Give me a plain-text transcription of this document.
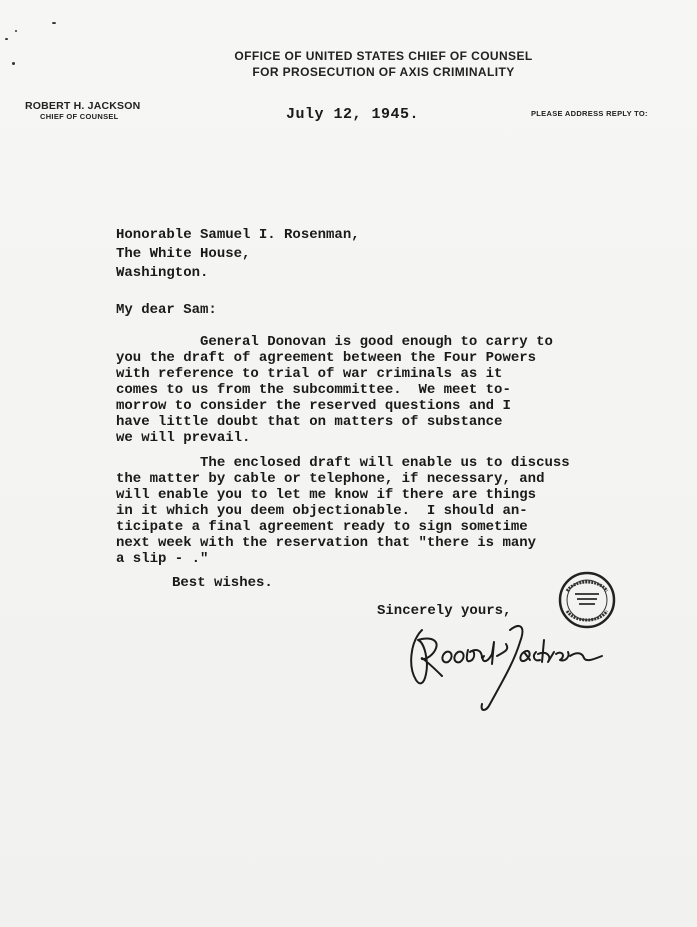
OFFICE OF UNITED STATES CHIEF OF COUNSEL
FOR PROSECUTION OF AXIS CRIMINALITY
ROBERT H. JACKSON
CHIEF OF COUNSEL	PLEASE ADDRESS REPLY TO:
July 12, 1945.
Honorable Samuel I. Rosenman,
The White House,
Washington.
My dear Sam:
General Donovan is good enough to carry to
you the draft of agreement between the Four Powers
with reference to trial of war criminals as it
comes to us from the subcommittee.  We meet to-
morrow to consider the reserved questions and I
have little doubt that on matters of substance
we will prevail.
The enclosed draft will enable us to discuss
the matter by cable or telephone, if necessary, and
will enable you to let me know if there are things
in it which you deem objectionable.  I should an-
ticipate a final agreement ready to sign sometime
next week with the reservation that "there is many
a slip - ."
Best wishes.
Sincerely yours,
